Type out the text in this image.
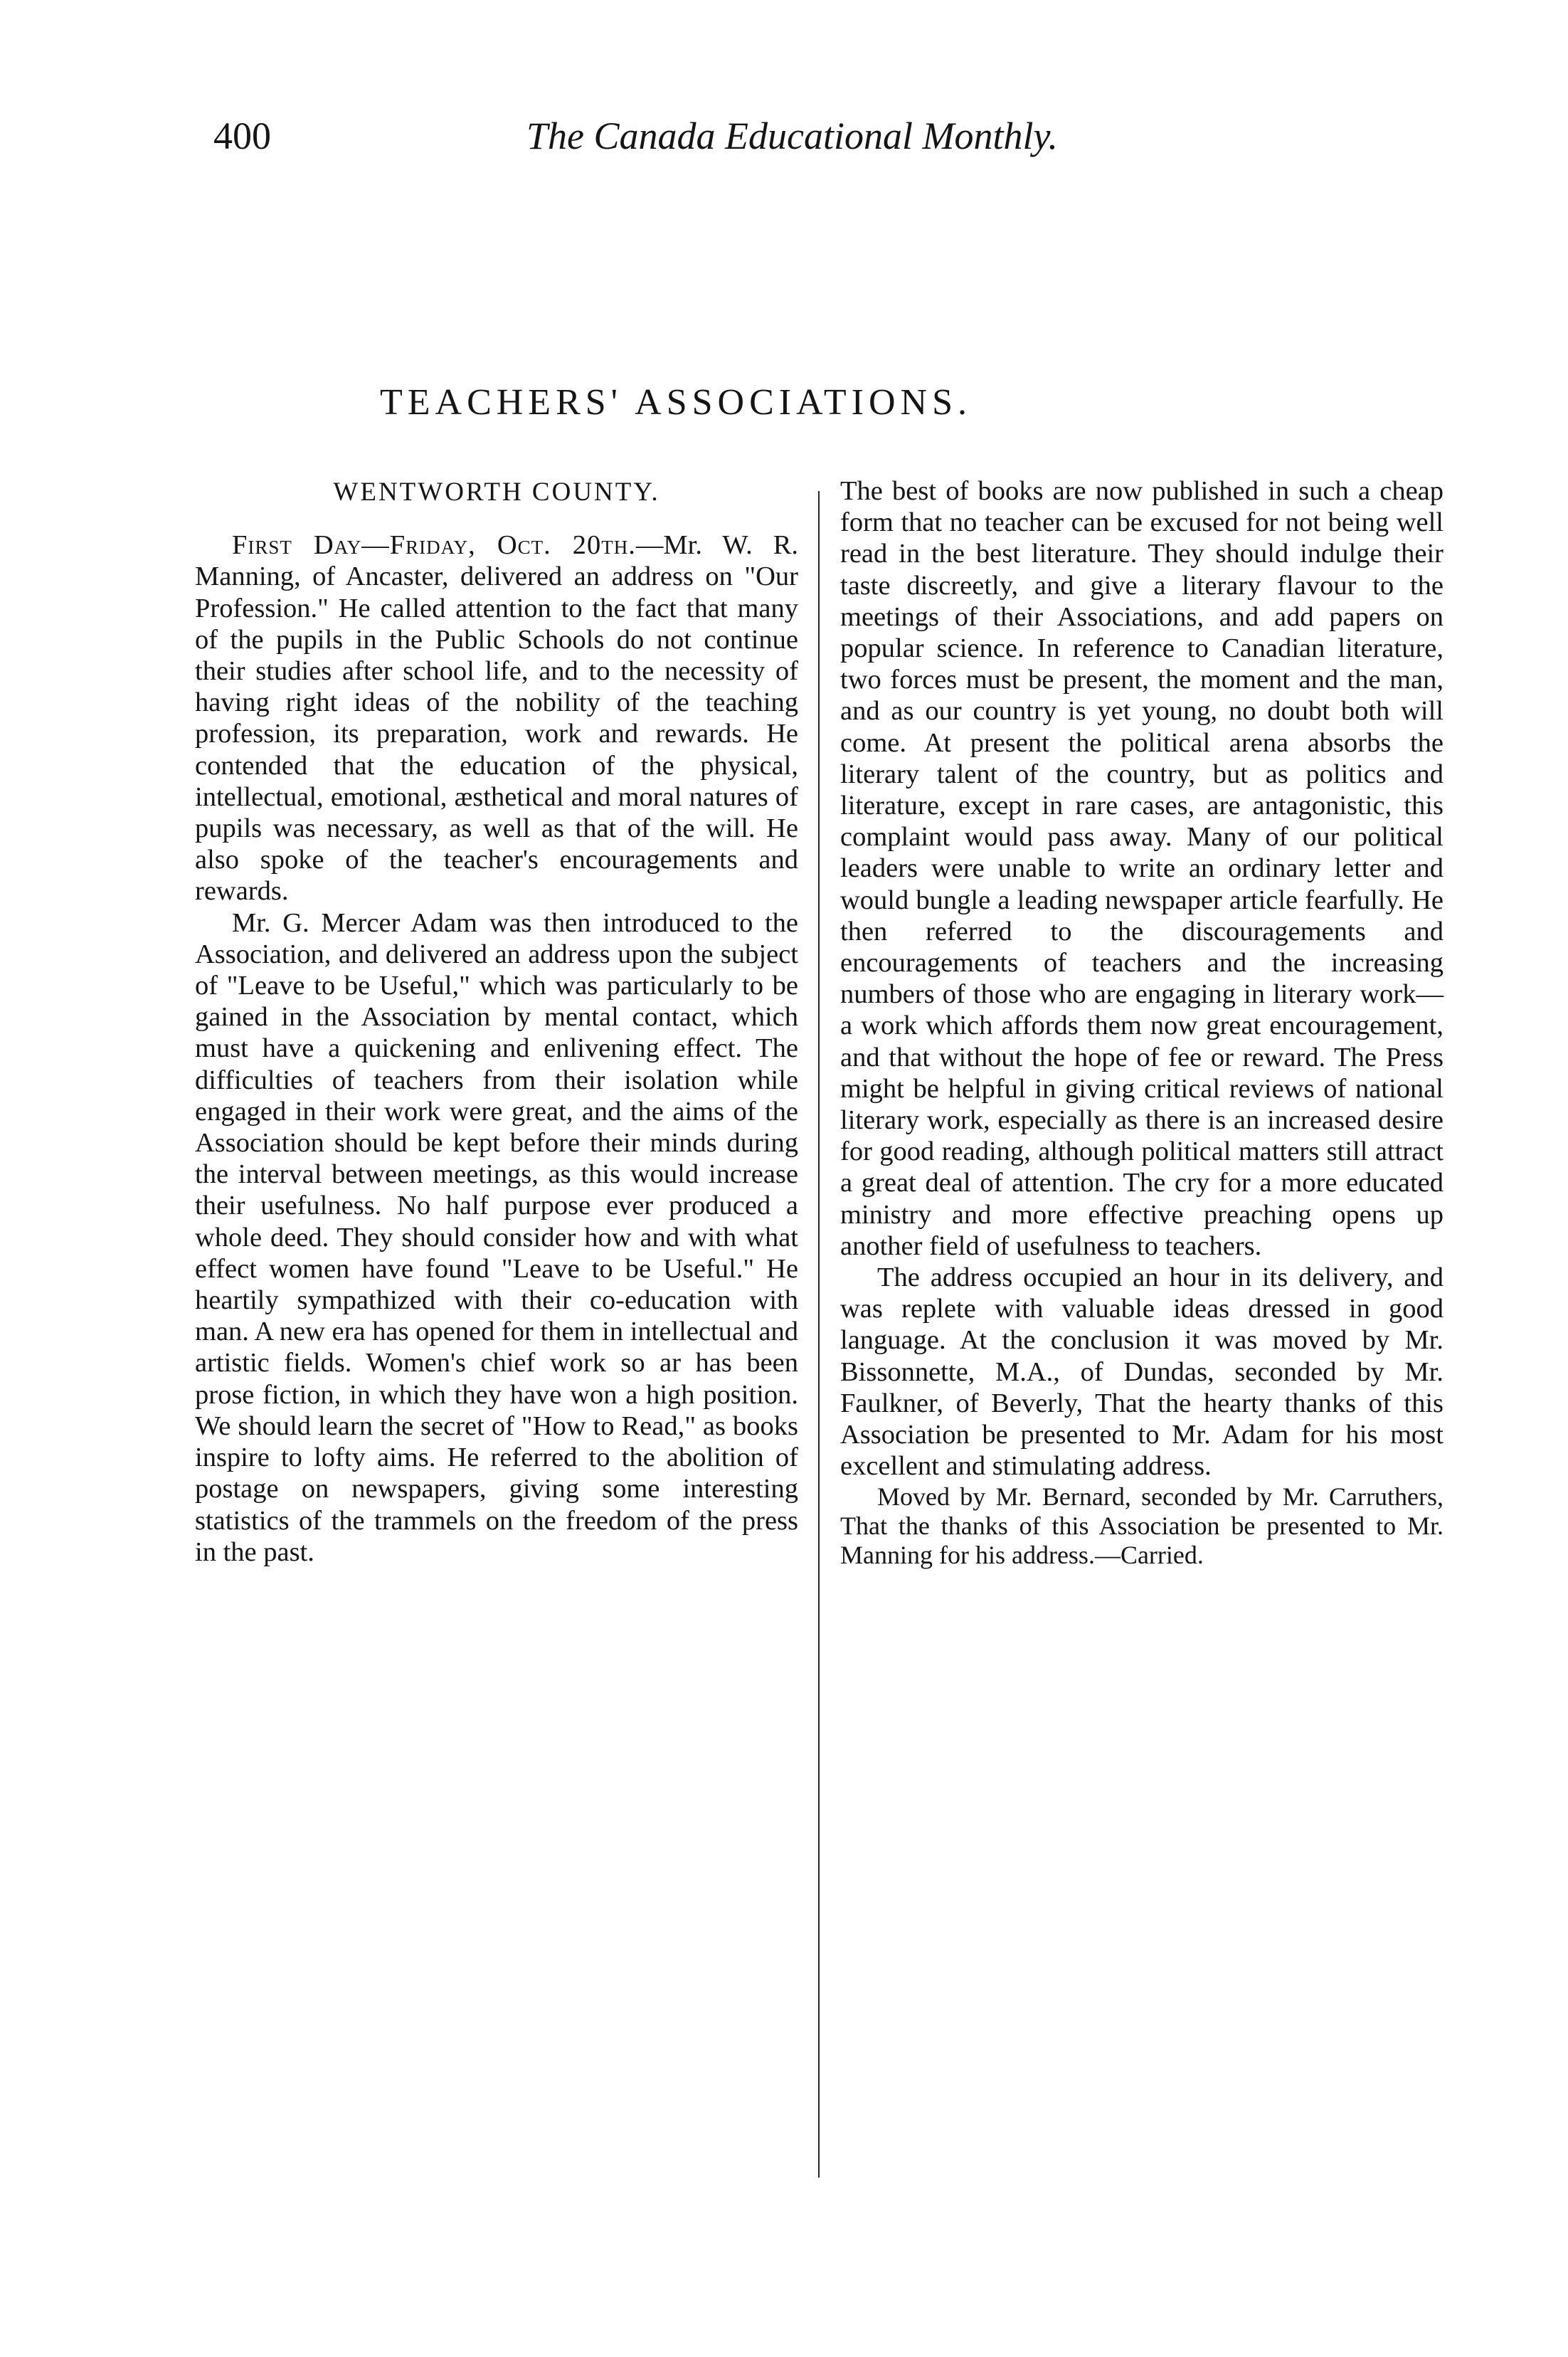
400	The Canada Educational Monthly.
TEACHERS' ASSOCIATIONS.
WENTWORTH COUNTY.

First Day—Friday, Oct. 20th.—Mr. W. R. Manning, of Ancaster, delivered an address on "Our Profession." He called attention to the fact that many of the pupils in the Public Schools do not continue their studies after school life, and to the necessity of having right ideas of the nobility of the teaching profession, its preparation, work and rewards. He contended that the education of the physical, intellectual, emotional, æsthetical and moral natures of pupils was necessary, as well as that of the will. He also spoke of the teacher's encouragements and rewards.

Mr. G. Mercer Adam was then introduced to the Association, and delivered an address upon the subject of "Leave to be Useful," which was particularly to be gained in the Association by mental contact, which must have a quickening and enlivening effect. The difficulties of teachers from their isolation while engaged in their work were great, and the aims of the Association should be kept before their minds during the interval between meetings, as this would increase their usefulness. No half purpose ever produced a whole deed. They should consider how and with what effect women have found "Leave to be Useful." He heartily sympathized with their co-education with man. A new era has opened for them in intellectual and artistic fields. Women's chief work so ar has been prose fiction, in which they have won a high position. We should learn the secret of "How to Read," as books inspire to lofty aims. He referred to the abolition of postage on newspapers, giving some interesting statistics of the trammels on the freedom of the press in the past.

The best of books are now published in such a cheap form that no teacher can be excused for not being well read in the best literature. They should indulge their taste discreetly, and give a literary flavour to the meetings of their Associations, and add papers on popular science. In reference to Canadian literature, two forces must be present, the moment and the man, and as our country is yet young, no doubt both will come. At present the political arena absorbs the literary talent of the country, but as politics and literature, except in rare cases, are antagonistic, this complaint would pass away. Many of our political leaders were unable to write an ordinary letter and would bungle a leading newspaper article fearfully. He then referred to the discouragements and encouragements of teachers and the increasing numbers of those who are engaging in literary work—a work which affords them now great encouragement, and that without the hope of fee or reward. The Press might be helpful in giving critical reviews of national literary work, especially as there is an increased desire for good reading, although political matters still attract a great deal of attention. The cry for a more educated ministry and more effective preaching opens up another field of usefulness to teachers.

The address occupied an hour in its delivery, and was replete with valuable ideas dressed in good language. At the conclusion it was moved by Mr. Bissonnette, M.A., of Dundas, seconded by Mr. Faulkner, of Beverly, That the hearty thanks of this Association be presented to Mr. Adam for his most excellent and stimulating address.

Moved by Mr. Bernard, seconded by Mr. Carruthers, That the thanks of this Association be presented to Mr. Manning for his address.—Carried.
